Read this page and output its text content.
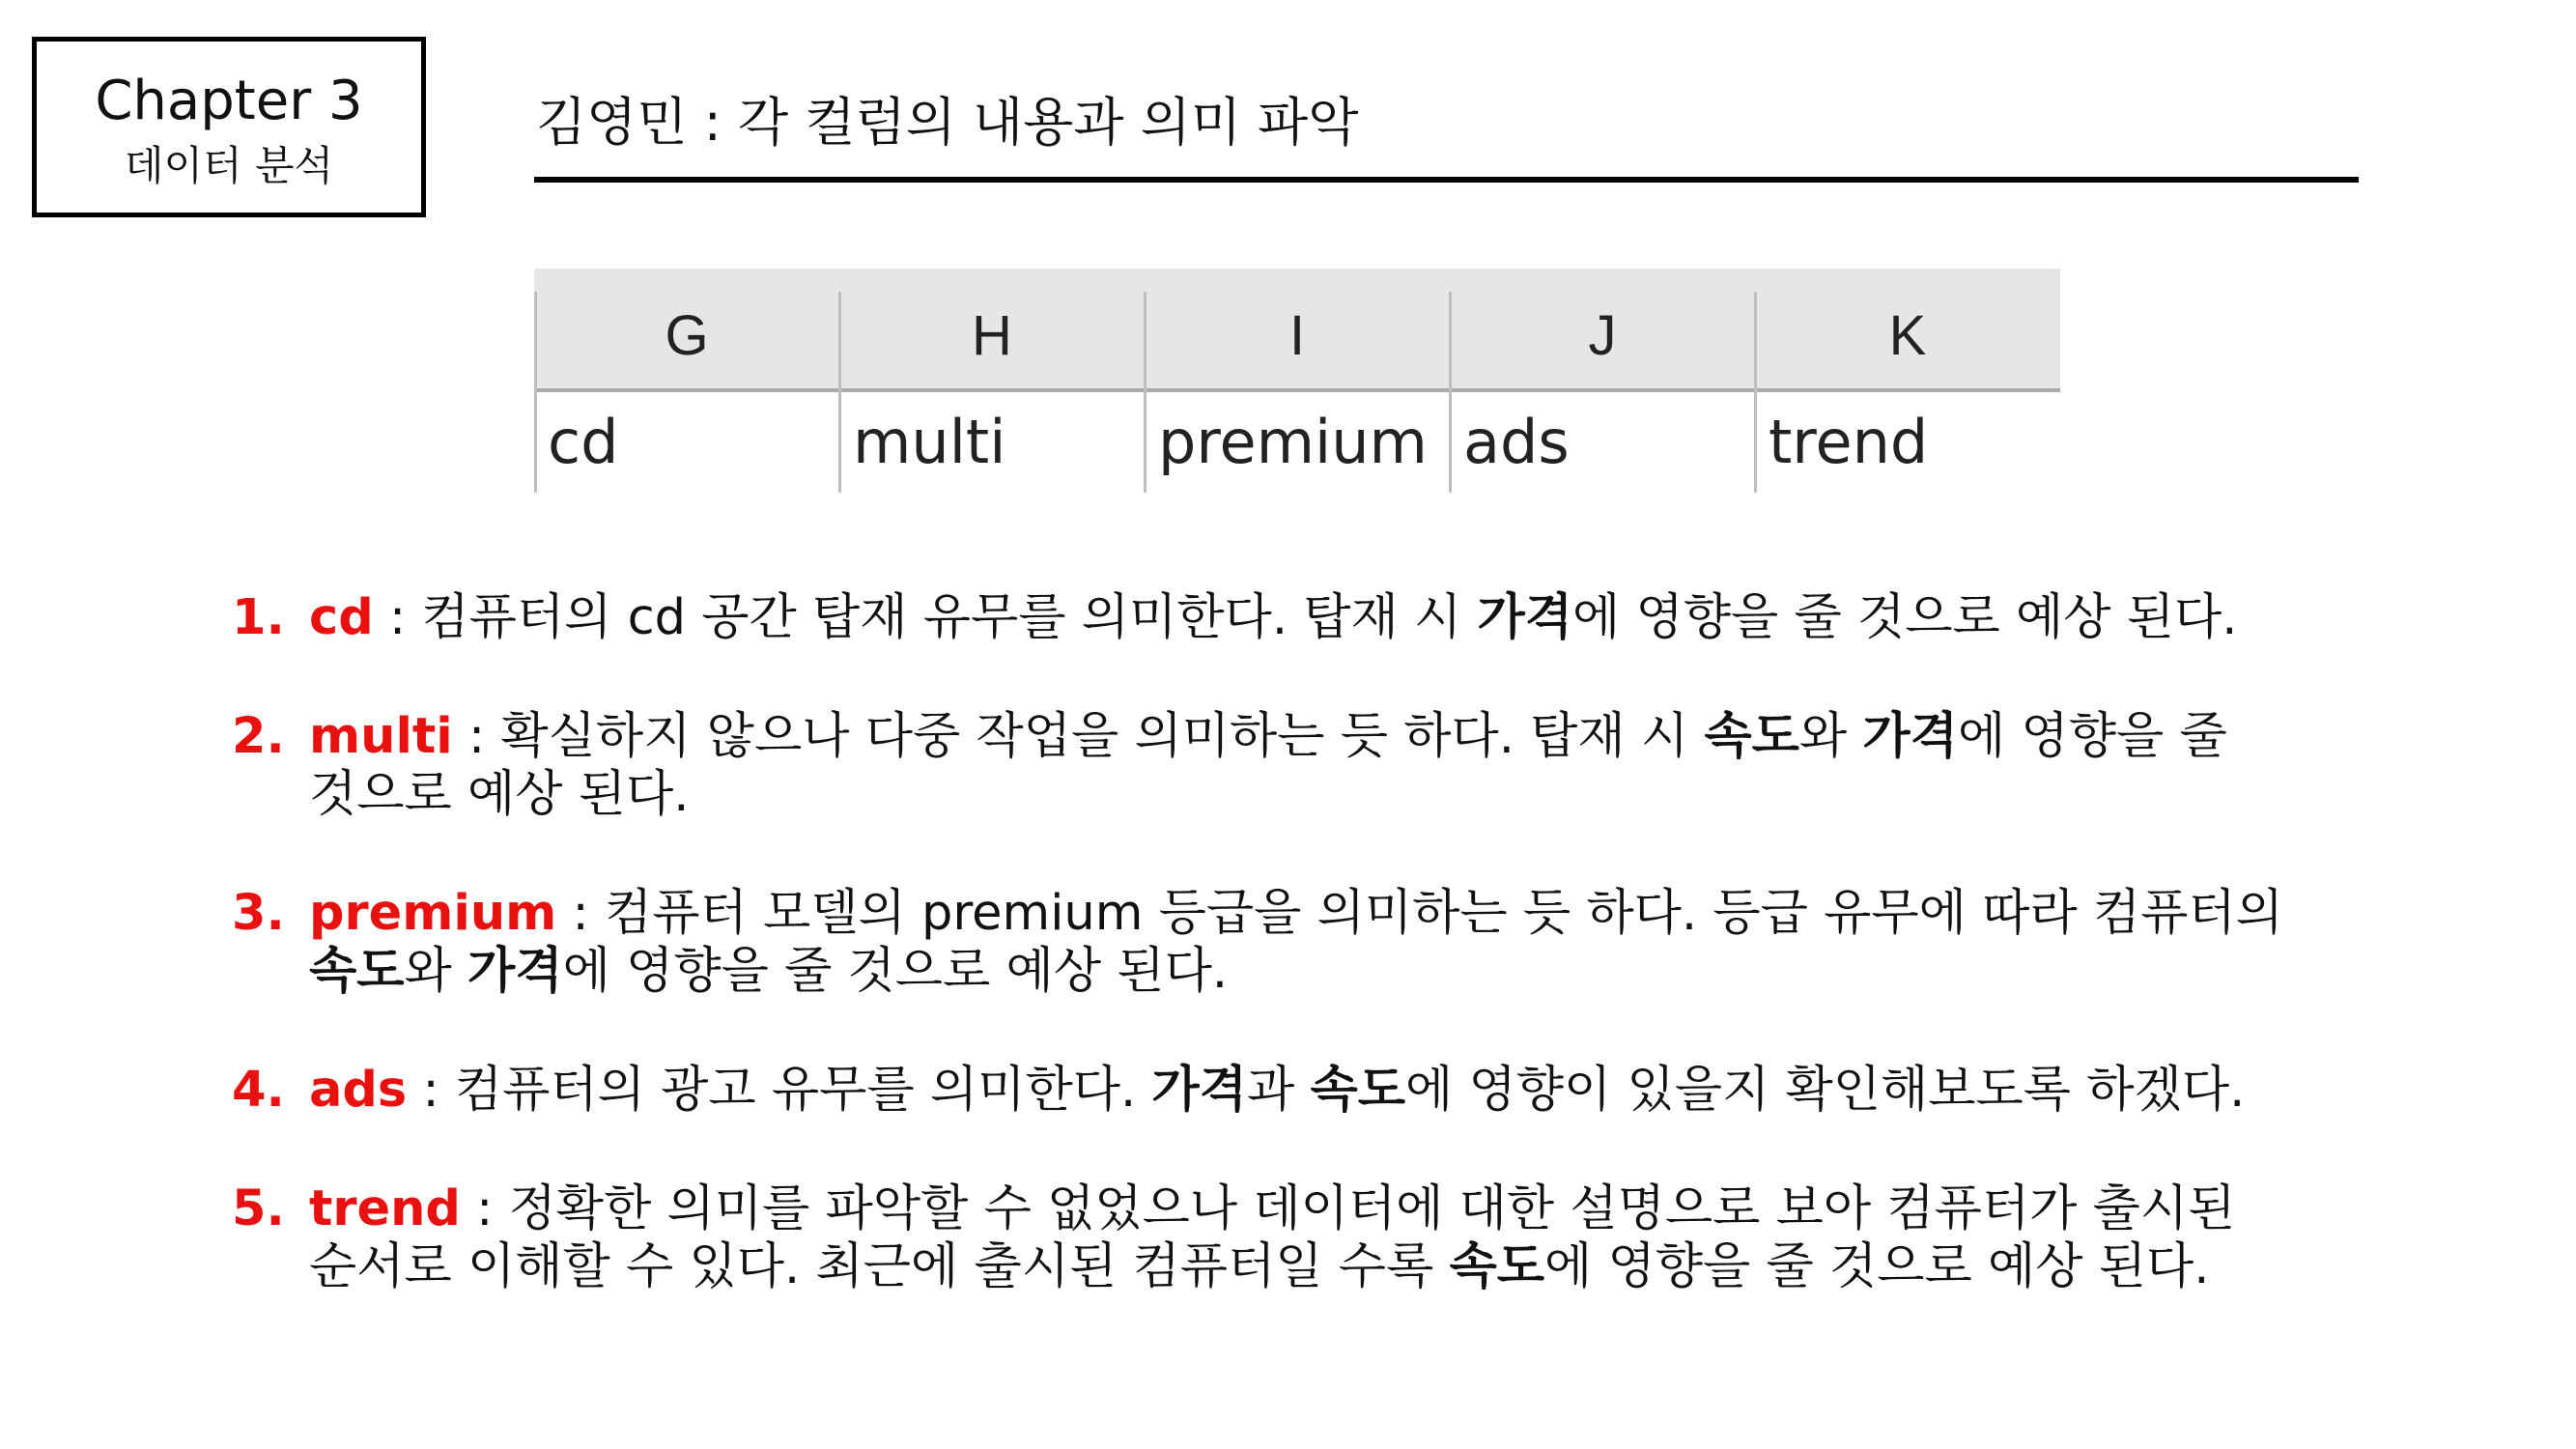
Chapter 3
데이터 분석
김영민 : 각 컬럼의 내용과 의미 파악
G
cd
H
multi
I
premium
J
ads
K
trend
1. cd : 컴퓨터의 cd 공간 탑재 유무를 의미한다. 탑재 시 가격에 영향을 줄 것으로 예상 된다.
2. multi : 확실하지 않으나 다중 작업을 의미하는 듯 하다. 탑재 시 속도와 가격에 영향을 줄
것으로 예상 된다.
3. premium : 컴퓨터 모델의 premium 등급을 의미하는 듯 하다. 등급 유무에 따라 컴퓨터의
속도와 가격에 영향을 줄 것으로 예상 된다.
4. ads : 컴퓨터의 광고 유무를 의미한다. 가격과 속도에 영향이 있을지 확인해보도록 하겠다.
5. trend : 정확한 의미를 파악할 수 없었으나 데이터에 대한 설명으로 보아 컴퓨터가 출시된
순서로 이해할 수 있다. 최근에 출시된 컴퓨터일 수록 속도에 영향을 줄 것으로 예상 된다.
